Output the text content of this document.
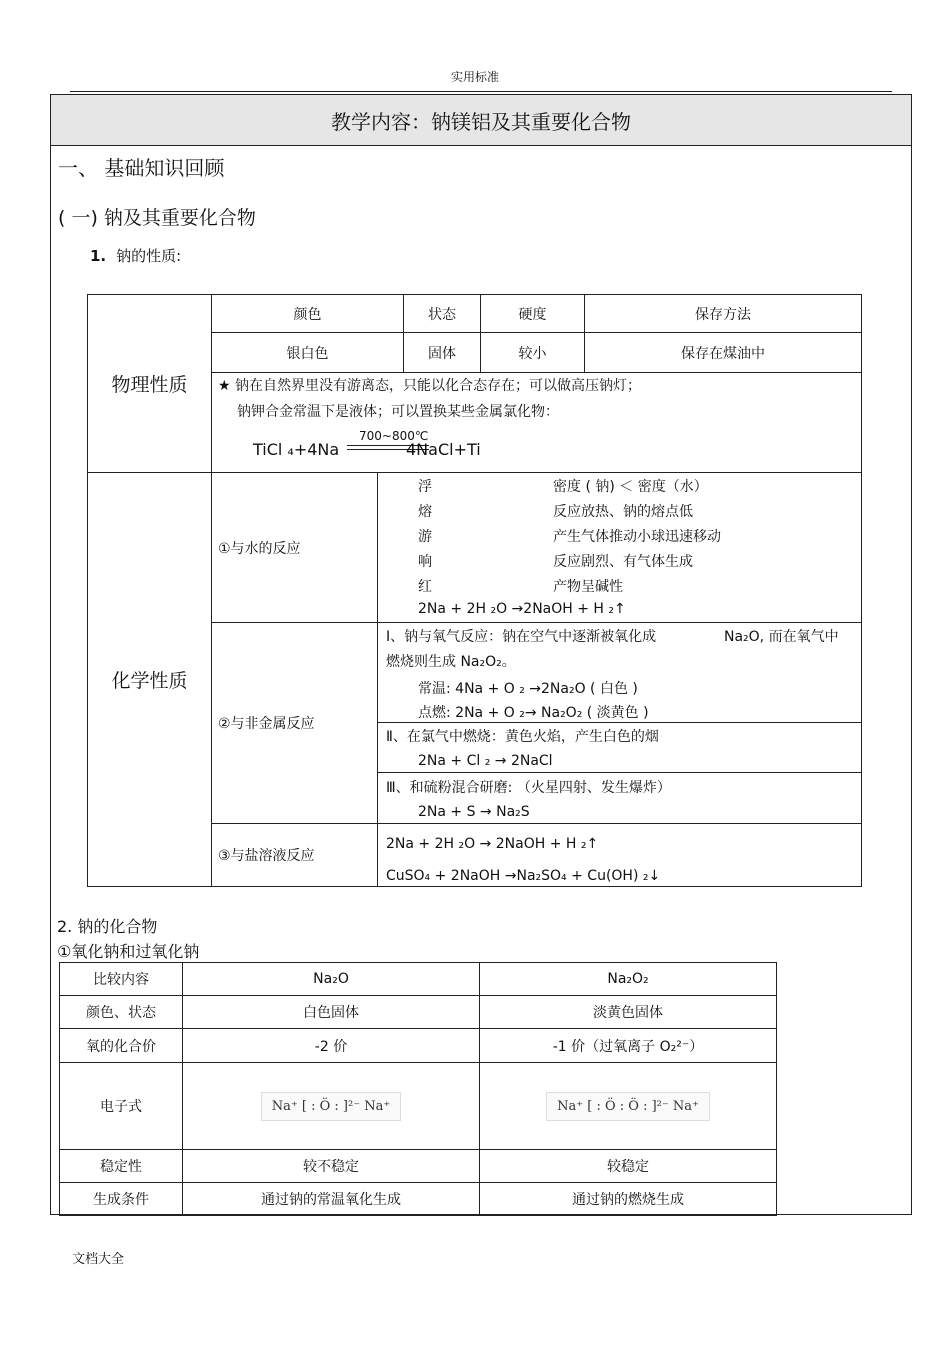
实用标准
教学内容：钠镁铝及其重要化合物
一、 基础知识回顾
( 一) 钠及其重要化合物
1. 钠的性质:
物理性质
颜色	状态	硬度	保存方法
银白色	固体	较小	保存在煤油中
★ 钠在自然界里没有游离态，只能以化合态存在；可以做高压钠灯；
钠钾合金常温下是液体；可以置换某些金属氯化物：
700~800℃
TiCl ₄+4Na	4NaCl+Ti
化学性质
①与水的反应
浮	密度 ( 钠) ＜ 密度（水）
熔	反应放热、钠的熔点低
游	产生气体推动小球迅速移动
响	反应剧烈、有气体生成
红	产物呈碱性
2Na + 2H ₂O →2NaOH + H ₂↑
②与非金属反应
Ⅰ、钠与氧气反应：钠在空气中逐渐被氧化成	Na₂O, 而在氧气中
燃烧则生成 Na₂O₂。
常温: 4Na + O ₂ →2Na₂O ( 白色 )
点燃: 2Na + O ₂→ Na₂O₂ ( 淡黄色 )
Ⅱ、在氯气中燃烧：黄色火焰，产生白色的烟
2Na + Cl ₂ → 2NaCl
Ⅲ、和硫粉混合研磨: （火星四射、发生爆炸）
2Na + S → Na₂S
③与盐溶液反应
2Na + 2H ₂O → 2NaOH + H ₂↑
CuSO₄ + 2NaOH →Na₂SO₄ + Cu(OH) ₂↓
2. 钠的化合物
①氧化钠和过氧化钠
比较内容	Na₂O	Na₂O₂
颜色、状态	白色固体	淡黄色固体
氧的化合价	-2 价	-1 价（过氧离子 O₂²⁻）
电子式	Na⁺ [ : Ö : ]²⁻ Na⁺	Na⁺ [ : Ö : Ö : ]²⁻ Na⁺
稳定性	较不稳定	较稳定
生成条件	通过钠的常温氧化生成	通过钠的燃烧生成
文档大全
